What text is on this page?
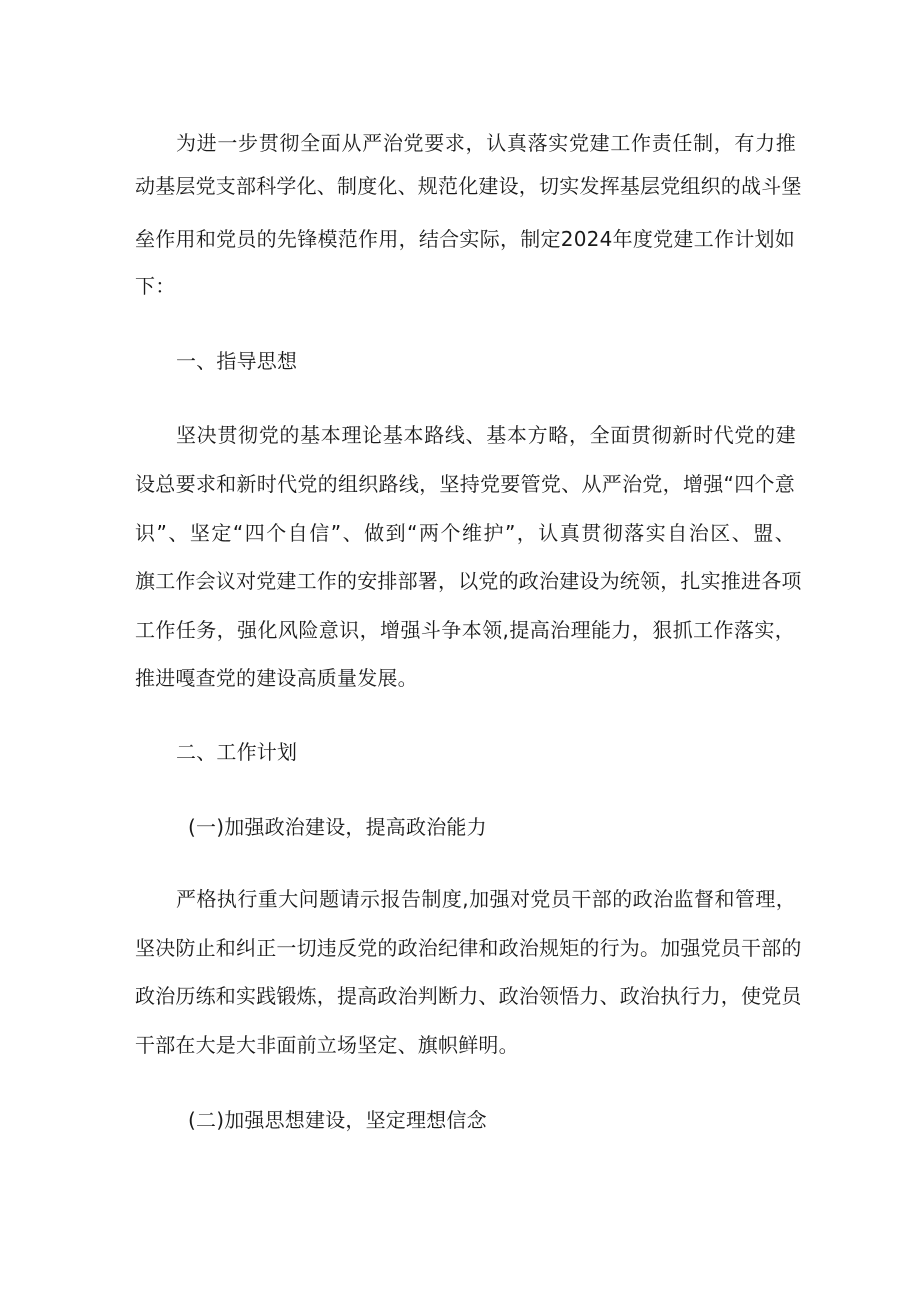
为进一步贯彻全面从严治党要求，认真落实党建工作责任制，有力推
动基层党支部科学化、制度化、规范化建设，切实发挥基层党组织的战斗堡
垒作用和党员的先锋模范作用，结合实际，制定2024年度党建工作计划如
下：
一、指导思想
坚决贯彻党的基本理论基本路线、基本方略，全面贯彻新时代党的建
设总要求和新时代党的组织路线，坚持党要管党、从严治党，增强“四个意
识”、坚定“四个自信”、做到“两个维护”，认真贯彻落实自治区、盟、
旗工作会议对党建工作的安排部署，以党的政治建设为统领，扎实推进各项
工作任务，强化风险意识，增强斗争本领,提高治理能力，狠抓工作落实，
推进嘎查党的建设高质量发展。
二、工作计划
(一)加强政治建设，提高政治能力
严格执行重大问题请示报告制度,加强对党员干部的政治监督和管理，
坚决防止和纠正一切违反党的政治纪律和政治规矩的行为。加强党员干部的
政治历练和实践锻炼，提高政治判断力、政治领悟力、政治执行力，使党员
干部在大是大非面前立场坚定、旗帜鲜明。
(二)加强思想建设，坚定理想信念
